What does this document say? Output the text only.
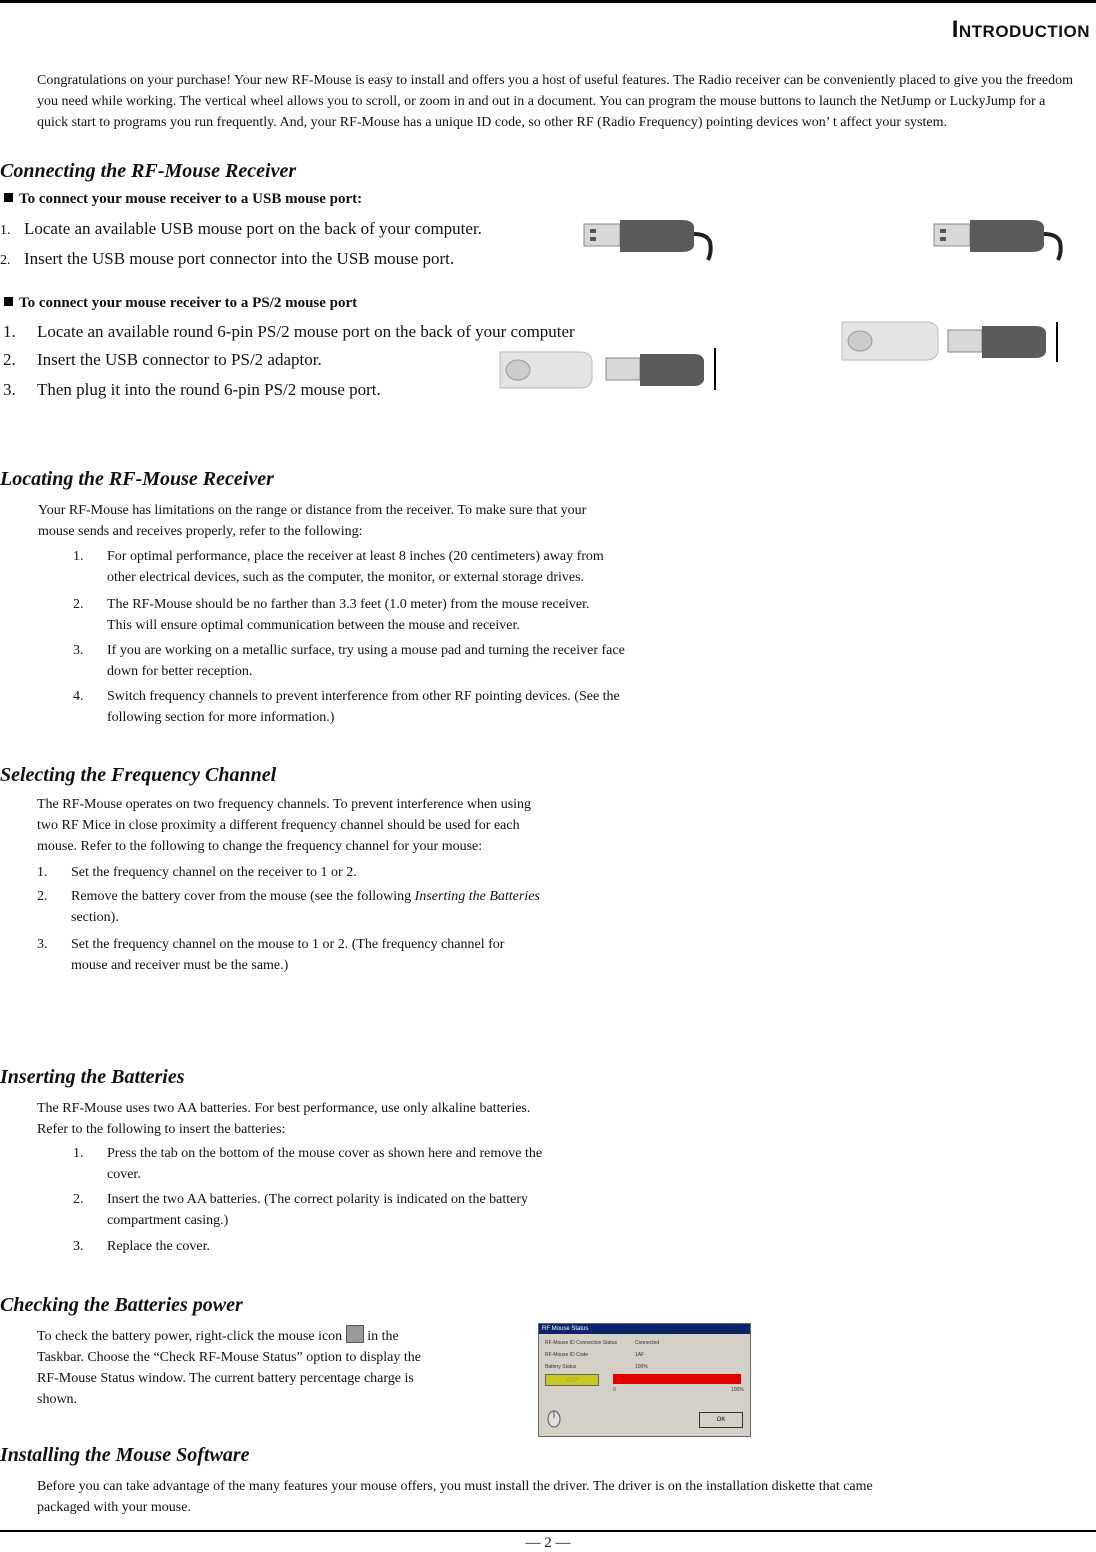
Introduction
Congratulations on your purchase! Your new RF-Mouse is easy to install and offers you a host of useful features. The Radio receiver can be conveniently placed to give you the freedom you need while working. The vertical wheel allows you to scroll, or zoom in and out in a document. You can program the mouse buttons to launch the NetJump or LuckyJump for a quick start to programs you run frequently. And, your RF-Mouse has a unique ID code, so other RF (Radio Frequency) pointing devices won’ t affect your system.
Connecting the RF-Mouse Receiver
To connect your mouse receiver to a USB mouse port:
1. Locate an available USB mouse port on the back of your computer.
2. Insert the USB mouse port connector into the USB mouse port.
To connect your mouse receiver to a PS/2 mouse port
1. Locate an available round 6-pin PS/2 mouse port on the back of your computer
2. Insert the USB connector to PS/2 adaptor.
3. Then plug it into the round 6-pin PS/2 mouse port.
Locating the RF-Mouse Receiver
Your RF-Mouse has limitations on the range or distance from the receiver. To make sure that your
mouse sends and receives properly, refer to the following:
1. For optimal performance, place the receiver at least 8 inches (20 centimeters) away from
other electrical devices, such as the computer, the monitor, or external storage drives.
2. The RF-Mouse should be no farther than 3.3 feet (1.0 meter) from the mouse receiver.
This will ensure optimal communication between the mouse and receiver.
3. If you are working on a metallic surface, try using a mouse pad and turning the receiver face
down for better reception.
4. Switch frequency channels to prevent interference from other RF pointing devices. (See the
following section for more information.)
Selecting the Frequency Channel
The RF-Mouse operates on two frequency channels. To prevent interference when using
two RF Mice in close proximity a different frequency channel should be used for each
mouse. Refer to the following to change the frequency channel for your mouse:
1. Set the frequency channel on the receiver to 1 or 2.
2. Remove the battery cover from the mouse (see the following Inserting the Batteries
section).
3. Set the frequency channel on the mouse to 1 or 2. (The frequency channel for
mouse and receiver must be the same.)
Inserting the Batteries
The RF-Mouse uses two AA batteries. For best performance, use only alkaline batteries.
Refer to the following to insert the batteries:
1. Press the tab on the bottom of the mouse cover as shown here and remove the
cover.
2. Insert the two AA batteries. (The correct polarity is indicated on the battery
compartment casing.)
3. Replace the cover.
Checking the Batteries power
To check the battery power, right-click the mouse icon  in the
Taskbar. Choose the “Check RF-Mouse Status” option to display the
RF-Mouse Status window. The current battery percentage charge is
shown.
RF Mouse Status
RF-Mouse ID Connection Status	Connected
RF-Mouse ID Code	1AF
Battery Status	100%
⁄ ⁄ ⁄ ⁄
0	100%
OK
Installing the Mouse Software
Before you can take advantage of the many features your mouse offers, you must install the driver. The driver is on the installation diskette that came
packaged with your mouse.
— 2 —
